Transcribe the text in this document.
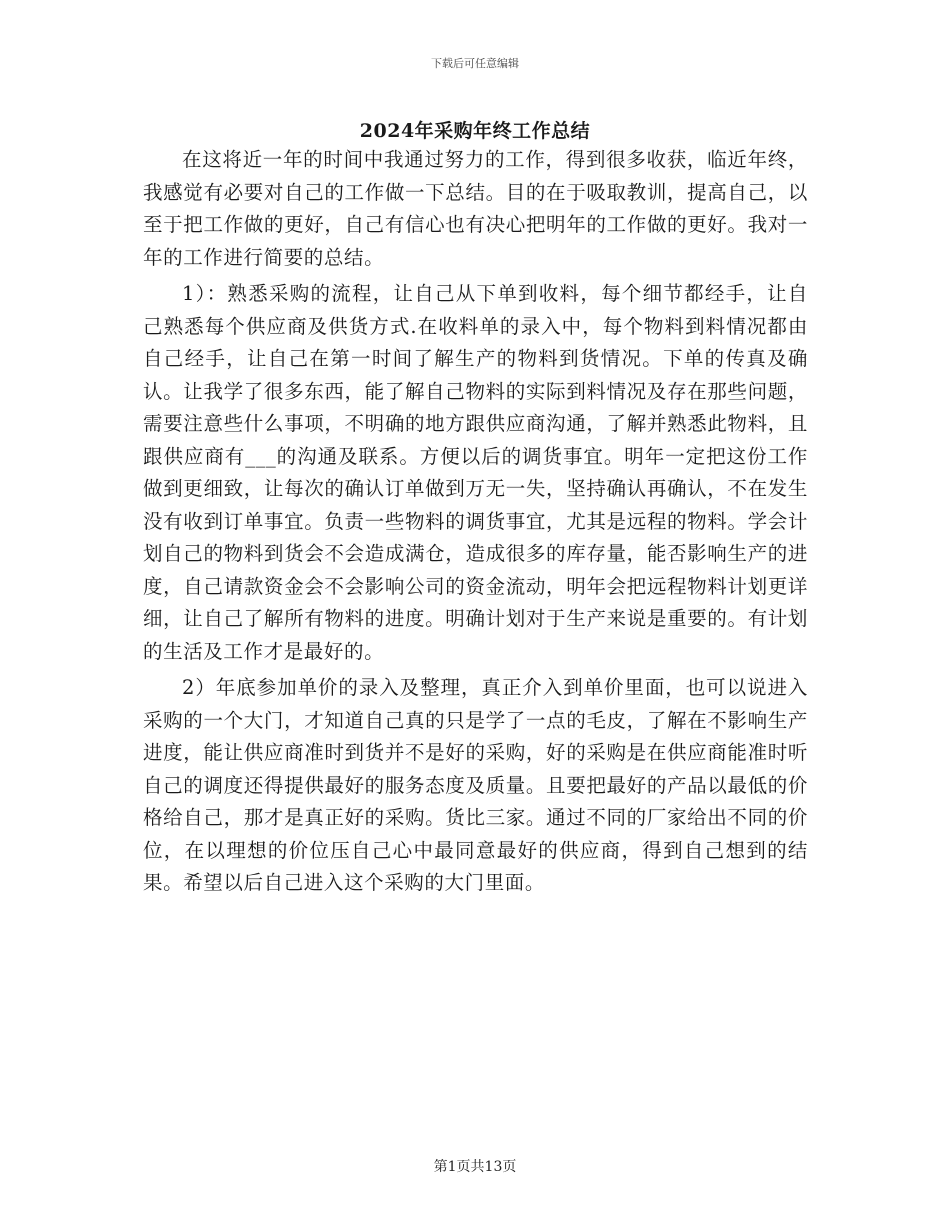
下载后可任意编辑
2024年采购年终工作总结

在这将近一年的时间中我通过努力的工作，得到很多收获，临近年终，我感觉有必要对自己的工作做一下总结。目的在于吸取教训，提高自己，以至于把工作做的更好，自己有信心也有决心把明年的工作做的更好。我对一年的工作进行简要的总结。

1）：熟悉采购的流程，让自己从下单到收料，每个细节都经手，让自己熟悉每个供应商及供货方式.在收料单的录入中，每个物料到料情况都由自己经手，让自己在第一时间了解生产的物料到货情况。下单的传真及确认。让我学了很多东西，能了解自己物料的实际到料情况及存在那些问题，需要注意些什么事项，不明确的地方跟供应商沟通，了解并熟悉此物料，且跟供应商有___的沟通及联系。方便以后的调货事宜。明年一定把这份工作做到更细致，让每次的确认订单做到万无一失，坚持确认再确认，不在发生没有收到订单事宜。负责一些物料的调货事宜，尤其是远程的物料。学会计划自己的物料到货会不会造成满仓，造成很多的库存量，能否影响生产的进度，自己请款资金会不会影响公司的资金流动，明年会把远程物料计划更详细，让自己了解所有物料的进度。明确计划对于生产来说是重要的。有计划的生活及工作才是最好的。

2）年底参加单价的录入及整理，真正介入到单价里面，也可以说进入采购的一个大门，才知道自己真的只是学了一点的毛皮，了解在不影响生产进度，能让供应商准时到货并不是好的采购，好的采购是在供应商能准时听自己的调度还得提供最好的服务态度及质量。且要把最好的产品以最低的价格给自己，那才是真正好的采购。货比三家。通过不同的厂家给出不同的价位，在以理想的价位压自己心中最同意最好的供应商，得到自己想到的结果。希望以后自己进入这个采购的大门里面。

第1页共13页
